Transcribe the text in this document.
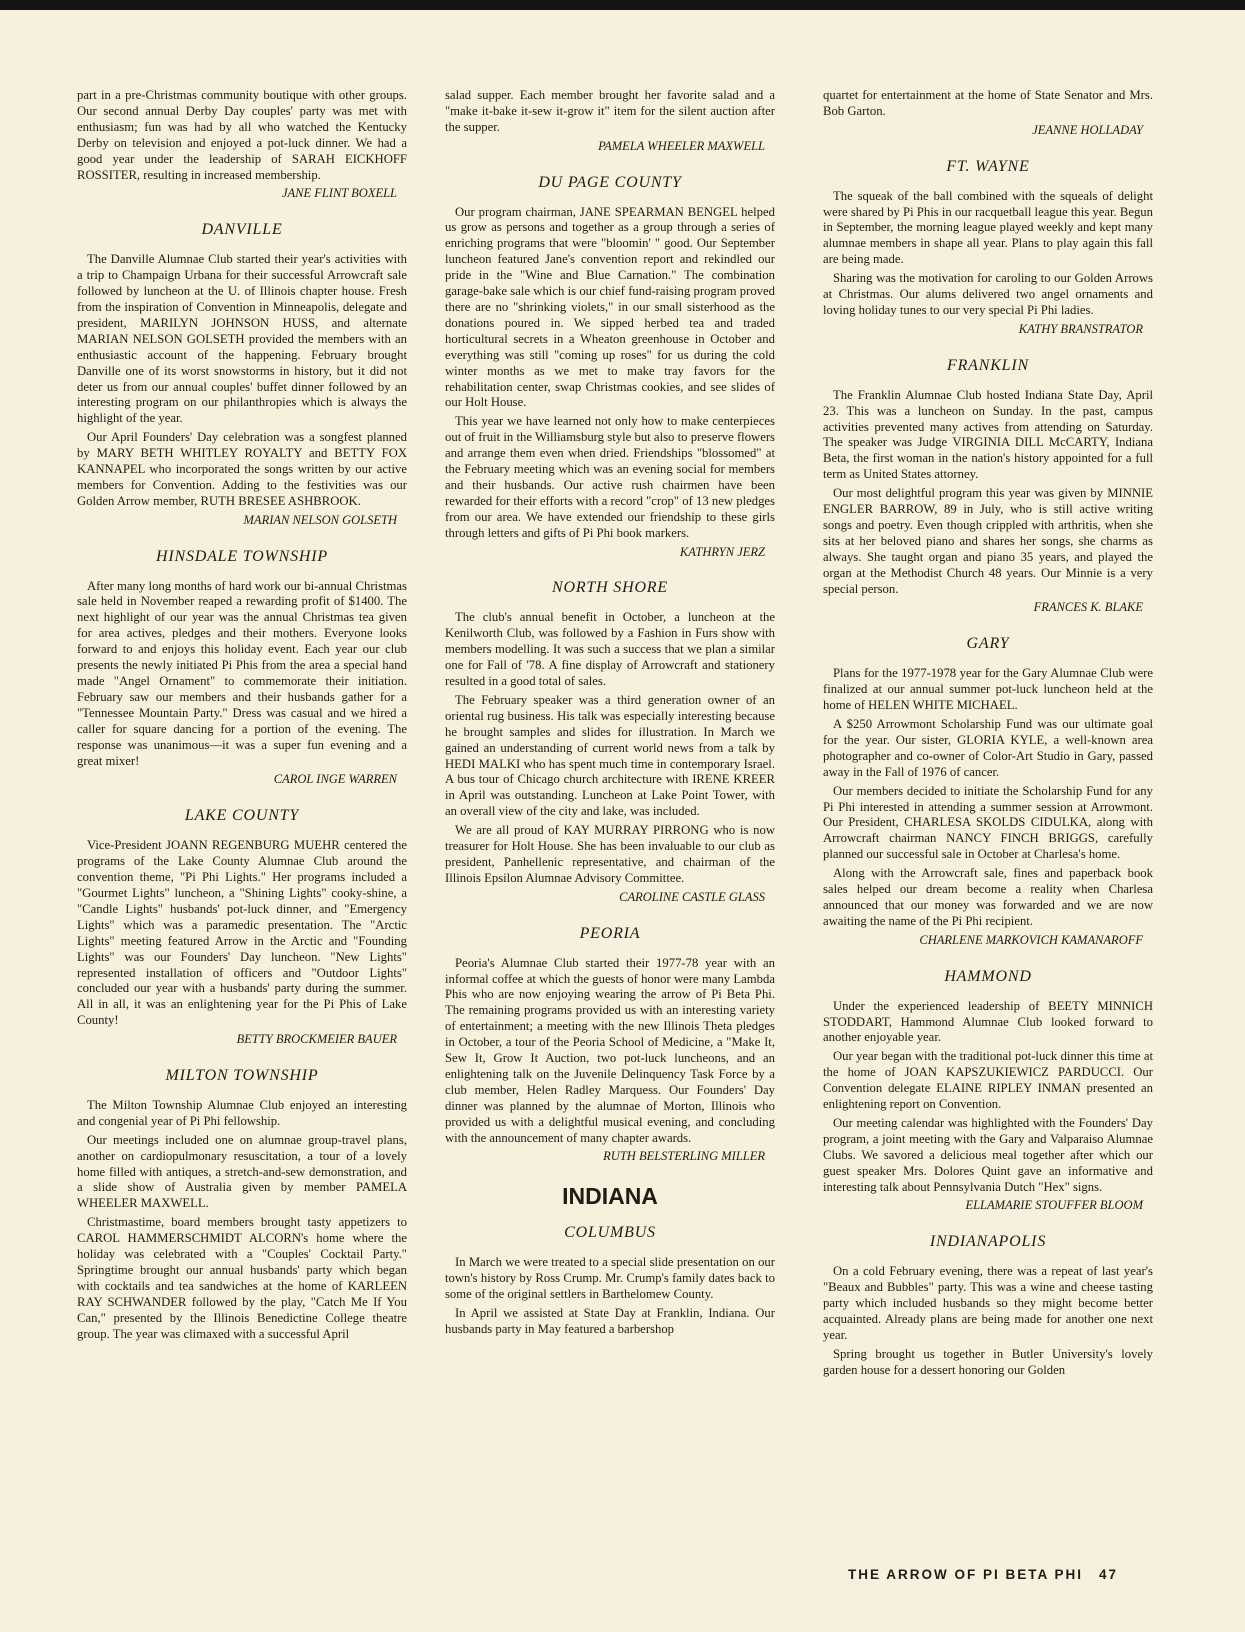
part in a pre-Christmas community boutique with other groups. Our second annual Derby Day couples' party was met with enthusiasm; fun was had by all who watched the Kentucky Derby on television and enjoyed a pot-luck dinner. We had a good year under the leadership of SARAH EICKHOFF ROSSITER, resulting in increased membership.

JANE FLINT BOXELL
DANVILLE

The Danville Alumnae Club started their year's activities with a trip to Champaign Urbana for their successful Arrowcraft sale followed by luncheon at the U. of Illinois chapter house. Fresh from the inspiration of Convention in Minneapolis, delegate and president, MARILYN JOHNSON HUSS, and alternate MARIAN NELSON GOLSETH provided the members with an enthusiastic account of the happening. February brought Danville one of its worst snowstorms in history, but it did not deter us from our annual couples' buffet dinner followed by an interesting program on our philanthropies which is always the highlight of the year.

Our April Founders' Day celebration was a songfest planned by MARY BETH WHITLEY ROYALTY and BETTY FOX KANNAPEL who incorporated the songs written by our active members for Convention. Adding to the festivities was our Golden Arrow member, RUTH BRESEE ASHBROOK.

MARIAN NELSON GOLSETH
HINSDALE TOWNSHIP

After many long months of hard work our bi-annual Christmas sale held in November reaped a rewarding profit of $1400. The next highlight of our year was the annual Christmas tea given for area actives, pledges and their mothers. Everyone looks forward to and enjoys this holiday event. Each year our club presents the newly initiated Pi Phis from the area a special hand made "Angel Ornament" to commemorate their initiation. February saw our members and their husbands gather for a "Tennessee Mountain Party." Dress was casual and we hired a caller for square dancing for a portion of the evening. The response was unanimous—it was a super fun evening and a great mixer!

CAROL INGE WARREN
LAKE COUNTY

Vice-President JOANN REGENBURG MUEHR centered the programs of the Lake County Alumnae Club around the convention theme, "Pi Phi Lights." Her programs included a "Gourmet Lights" luncheon, a "Shining Lights" cooky-shine, a "Candle Lights" husbands' pot-luck dinner, and "Emergency Lights" which was a paramedic presentation. The "Arctic Lights" meeting featured Arrow in the Arctic and "Founding Lights" was our Founders' Day luncheon. "New Lights" represented installation of officers and "Outdoor Lights" concluded our year with a husbands' party during the summer. All in all, it was an enlightening year for the Pi Phis of Lake County!

BETTY BROCKMEIER BAUER
MILTON TOWNSHIP

The Milton Township Alumnae Club enjoyed an interesting and congenial year of Pi Phi fellowship.

Our meetings included one on alumnae group-travel plans, another on cardiopulmonary resuscitation, a tour of a lovely home filled with antiques, a stretch-and-sew demonstration, and a slide show of Australia given by member PAMELA WHEELER MAXWELL.

Christmastime, board members brought tasty appetizers to CAROL HAMMERSCHMIDT ALCORN's home where the holiday was celebrated with a "Couples' Cocktail Party." Springtime brought our annual husbands' party which began with cocktails and tea sandwiches at the home of KARLEEN RAY SCHWANDER followed by the play, "Catch Me If You Can," presented by the Illinois Benedictine College theatre group. The year was climaxed with a successful April

salad supper. Each member brought her favorite salad and a "make it-bake it-sew it-grow it" item for the silent auction after the supper.

PAMELA WHEELER MAXWELL
DU PAGE COUNTY

Our program chairman, JANE SPEARMAN BENGEL helped us grow as persons and together as a group through a series of enriching programs that were "bloomin' " good. Our September luncheon featured Jane's convention report and rekindled our pride in the "Wine and Blue Carnation." The combination garage-bake sale which is our chief fund-raising program proved there are no "shrinking violets," in our small sisterhood as the donations poured in. We sipped herbed tea and traded horticultural secrets in a Wheaton greenhouse in October and everything was still "coming up roses" for us during the cold winter months as we met to make tray favors for the rehabilitation center, swap Christmas cookies, and see slides of our Holt House.

This year we have learned not only how to make centerpieces out of fruit in the Williamsburg style but also to preserve flowers and arrange them even when dried. Friendships "blossomed" at the February meeting which was an evening social for members and their husbands. Our active rush chairmen have been rewarded for their efforts with a record "crop" of 13 new pledges from our area. We have extended our friendship to these girls through letters and gifts of Pi Phi book markers.

KATHRYN JERZ
NORTH SHORE

The club's annual benefit in October, a luncheon at the Kenilworth Club, was followed by a Fashion in Furs show with members modelling. It was such a success that we plan a similar one for Fall of '78. A fine display of Arrowcraft and stationery resulted in a good total of sales.

The February speaker was a third generation owner of an oriental rug business. His talk was especially interesting because he brought samples and slides for illustration. In March we gained an understanding of current world news from a talk by HEDI MALKI who has spent much time in contemporary Israel. A bus tour of Chicago church architecture with IRENE KREER in April was outstanding. Luncheon at Lake Point Tower, with an overall view of the city and lake, was included.

We are all proud of KAY MURRAY PIRRONG who is now treasurer for Holt House. She has been invaluable to our club as president, Panhellenic representative, and chairman of the Illinois Epsilon Alumnae Advisory Committee.

CAROLINE CASTLE GLASS
PEORIA

Peoria's Alumnae Club started their 1977-78 year with an informal coffee at which the guests of honor were many Lambda Phis who are now enjoying wearing the arrow of Pi Beta Phi. The remaining programs provided us with an interesting variety of entertainment; a meeting with the new Illinois Theta pledges in October, a tour of the Peoria School of Medicine, a "Make It, Sew It, Grow It Auction, two pot-luck luncheons, and an enlightening talk on the Juvenile Delinquency Task Force by a club member, Helen Radley Marquess. Our Founders' Day dinner was planned by the alumnae of Morton, Illinois who provided us with a delightful musical evening, and concluding with the announcement of many chapter awards.

RUTH BELSTERLING MILLER
INDIANA
COLUMBUS

In March we were treated to a special slide presentation on our town's history by Ross Crump. Mr. Crump's family dates back to some of the original settlers in Barthelomew County.

In April we assisted at State Day at Franklin, Indiana. Our husbands party in May featured a barbershop

quartet for entertainment at the home of State Senator and Mrs. Bob Garton.

JEANNE HOLLADAY
FT. WAYNE

The squeak of the ball combined with the squeals of delight were shared by Pi Phis in our racquetball league this year. Begun in September, the morning league played weekly and kept many alumnae members in shape all year. Plans to play again this fall are being made.

Sharing was the motivation for caroling to our Golden Arrows at Christmas. Our alums delivered two angel ornaments and loving holiday tunes to our very special Pi Phi ladies.

KATHY BRANSTRATOR
FRANKLIN

The Franklin Alumnae Club hosted Indiana State Day, April 23. This was a luncheon on Sunday. In the past, campus activities prevented many actives from attending on Saturday. The speaker was Judge VIRGINIA DILL McCARTY, Indiana Beta, the first woman in the nation's history appointed for a full term as United States attorney.

Our most delightful program this year was given by MINNIE ENGLER BARROW, 89 in July, who is still active writing songs and poetry. Even though crippled with arthritis, when she sits at her beloved piano and shares her songs, she charms as always. She taught organ and piano 35 years, and played the organ at the Methodist Church 48 years. Our Minnie is a very special person.

FRANCES K. BLAKE
GARY

Plans for the 1977-1978 year for the Gary Alumnae Club were finalized at our annual summer pot-luck luncheon held at the home of HELEN WHITE MICHAEL.

A $250 Arrowmont Scholarship Fund was our ultimate goal for the year. Our sister, GLORIA KYLE, a well-known area photographer and co-owner of Color-Art Studio in Gary, passed away in the Fall of 1976 of cancer.

Our members decided to initiate the Scholarship Fund for any Pi Phi interested in attending a summer session at Arrowmont. Our President, CHARLESA SKOLDS CIDULKA, along with Arrowcraft chairman NANCY FINCH BRIGGS, carefully planned our successful sale in October at Charlesa's home.

Along with the Arrowcraft sale, fines and paperback book sales helped our dream become a reality when Charlesa announced that our money was forwarded and we are now awaiting the name of the Pi Phi recipient.

CHARLENE MARKOVICH KAMANAROFF
HAMMOND

Under the experienced leadership of BEETY MINNICH STODDART, Hammond Alumnae Club looked forward to another enjoyable year.

Our year began with the traditional pot-luck dinner this time at the home of JOAN KAPSZUKIEWICZ PARDUCCI. Our Convention delegate ELAINE RIPLEY INMAN presented an enlightening report on Convention.

Our meeting calendar was highlighted with the Founders' Day program, a joint meeting with the Gary and Valparaiso Alumnae Clubs. We savored a delicious meal together after which our guest speaker Mrs. Dolores Quint gave an informative and interesting talk about Pennsylvania Dutch "Hex" signs.

ELLAMARIE STOUFFER BLOOM
INDIANAPOLIS

On a cold February evening, there was a repeat of last year's "Beaux and Bubbles" party. This was a wine and cheese tasting party which included husbands so they might become better acquainted. Already plans are being made for another one next year.

Spring brought us together in Butler University's lovely garden house for a dessert honoring our Golden

THE ARROW OF PI BETA PHI 47
